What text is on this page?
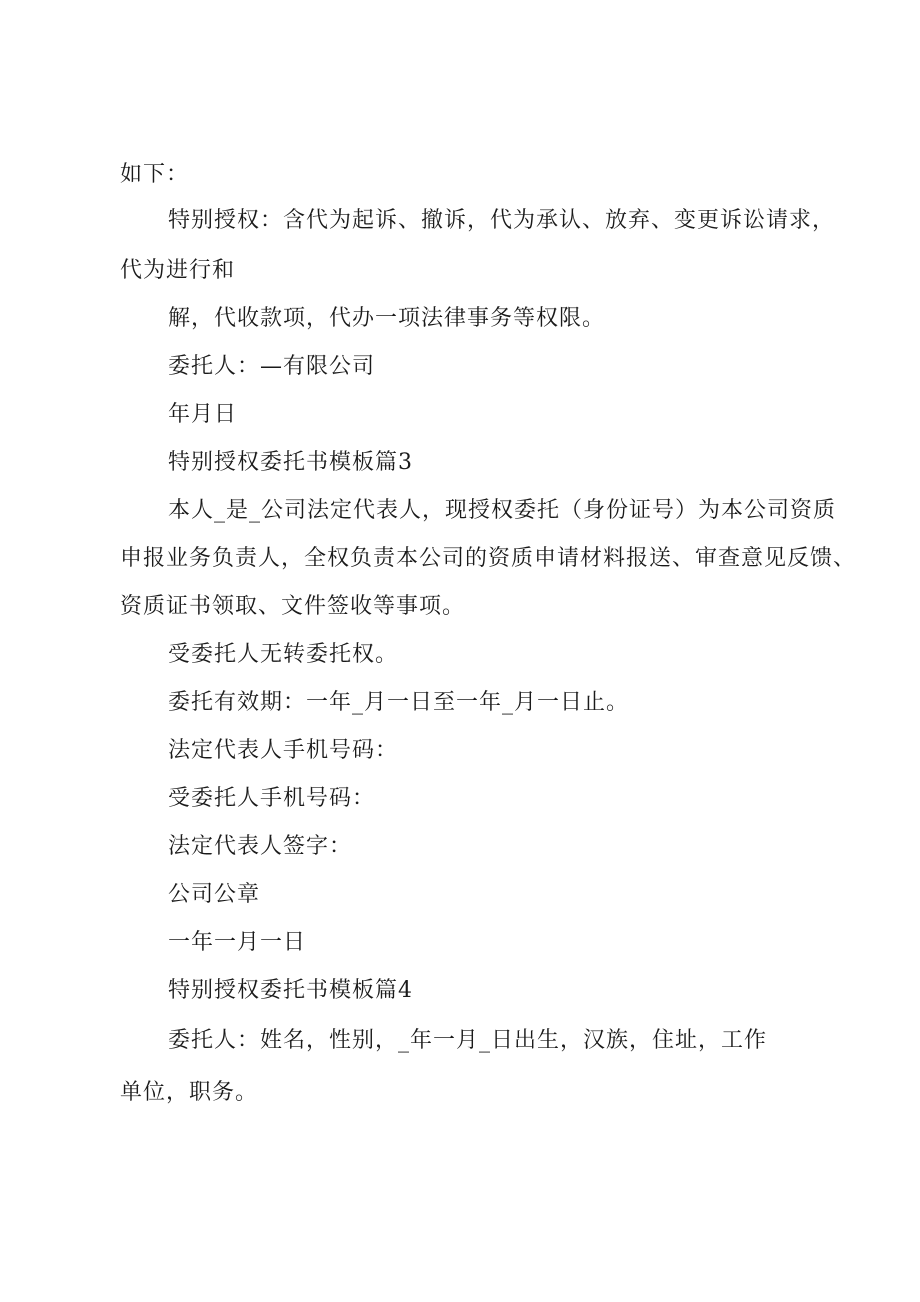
如下：
特别授权：含代为起诉、撤诉，代为承认、放弃、变更诉讼请求，
代为进行和
解，代收款项，代办一项法律事务等权限。
委托人：—有限公司
年月日
特别授权委托书模板篇3
本人_是_公司法定代表人，现授权委托（身份证号）为本公司资质
申报业务负责人，全权负责本公司的资质申请材料报送、审查意见反馈、
资质证书领取、文件签收等事项。
受委托人无转委托权。
委托有效期：一年_月一日至一年_月一日止。
法定代表人手机号码：
受委托人手机号码：
法定代表人签字：
公司公章
一年一月一日
特别授权委托书模板篇4
委托人：姓名，性别，_年一月_日出生，汉族，住址，工作
单位，职务。
